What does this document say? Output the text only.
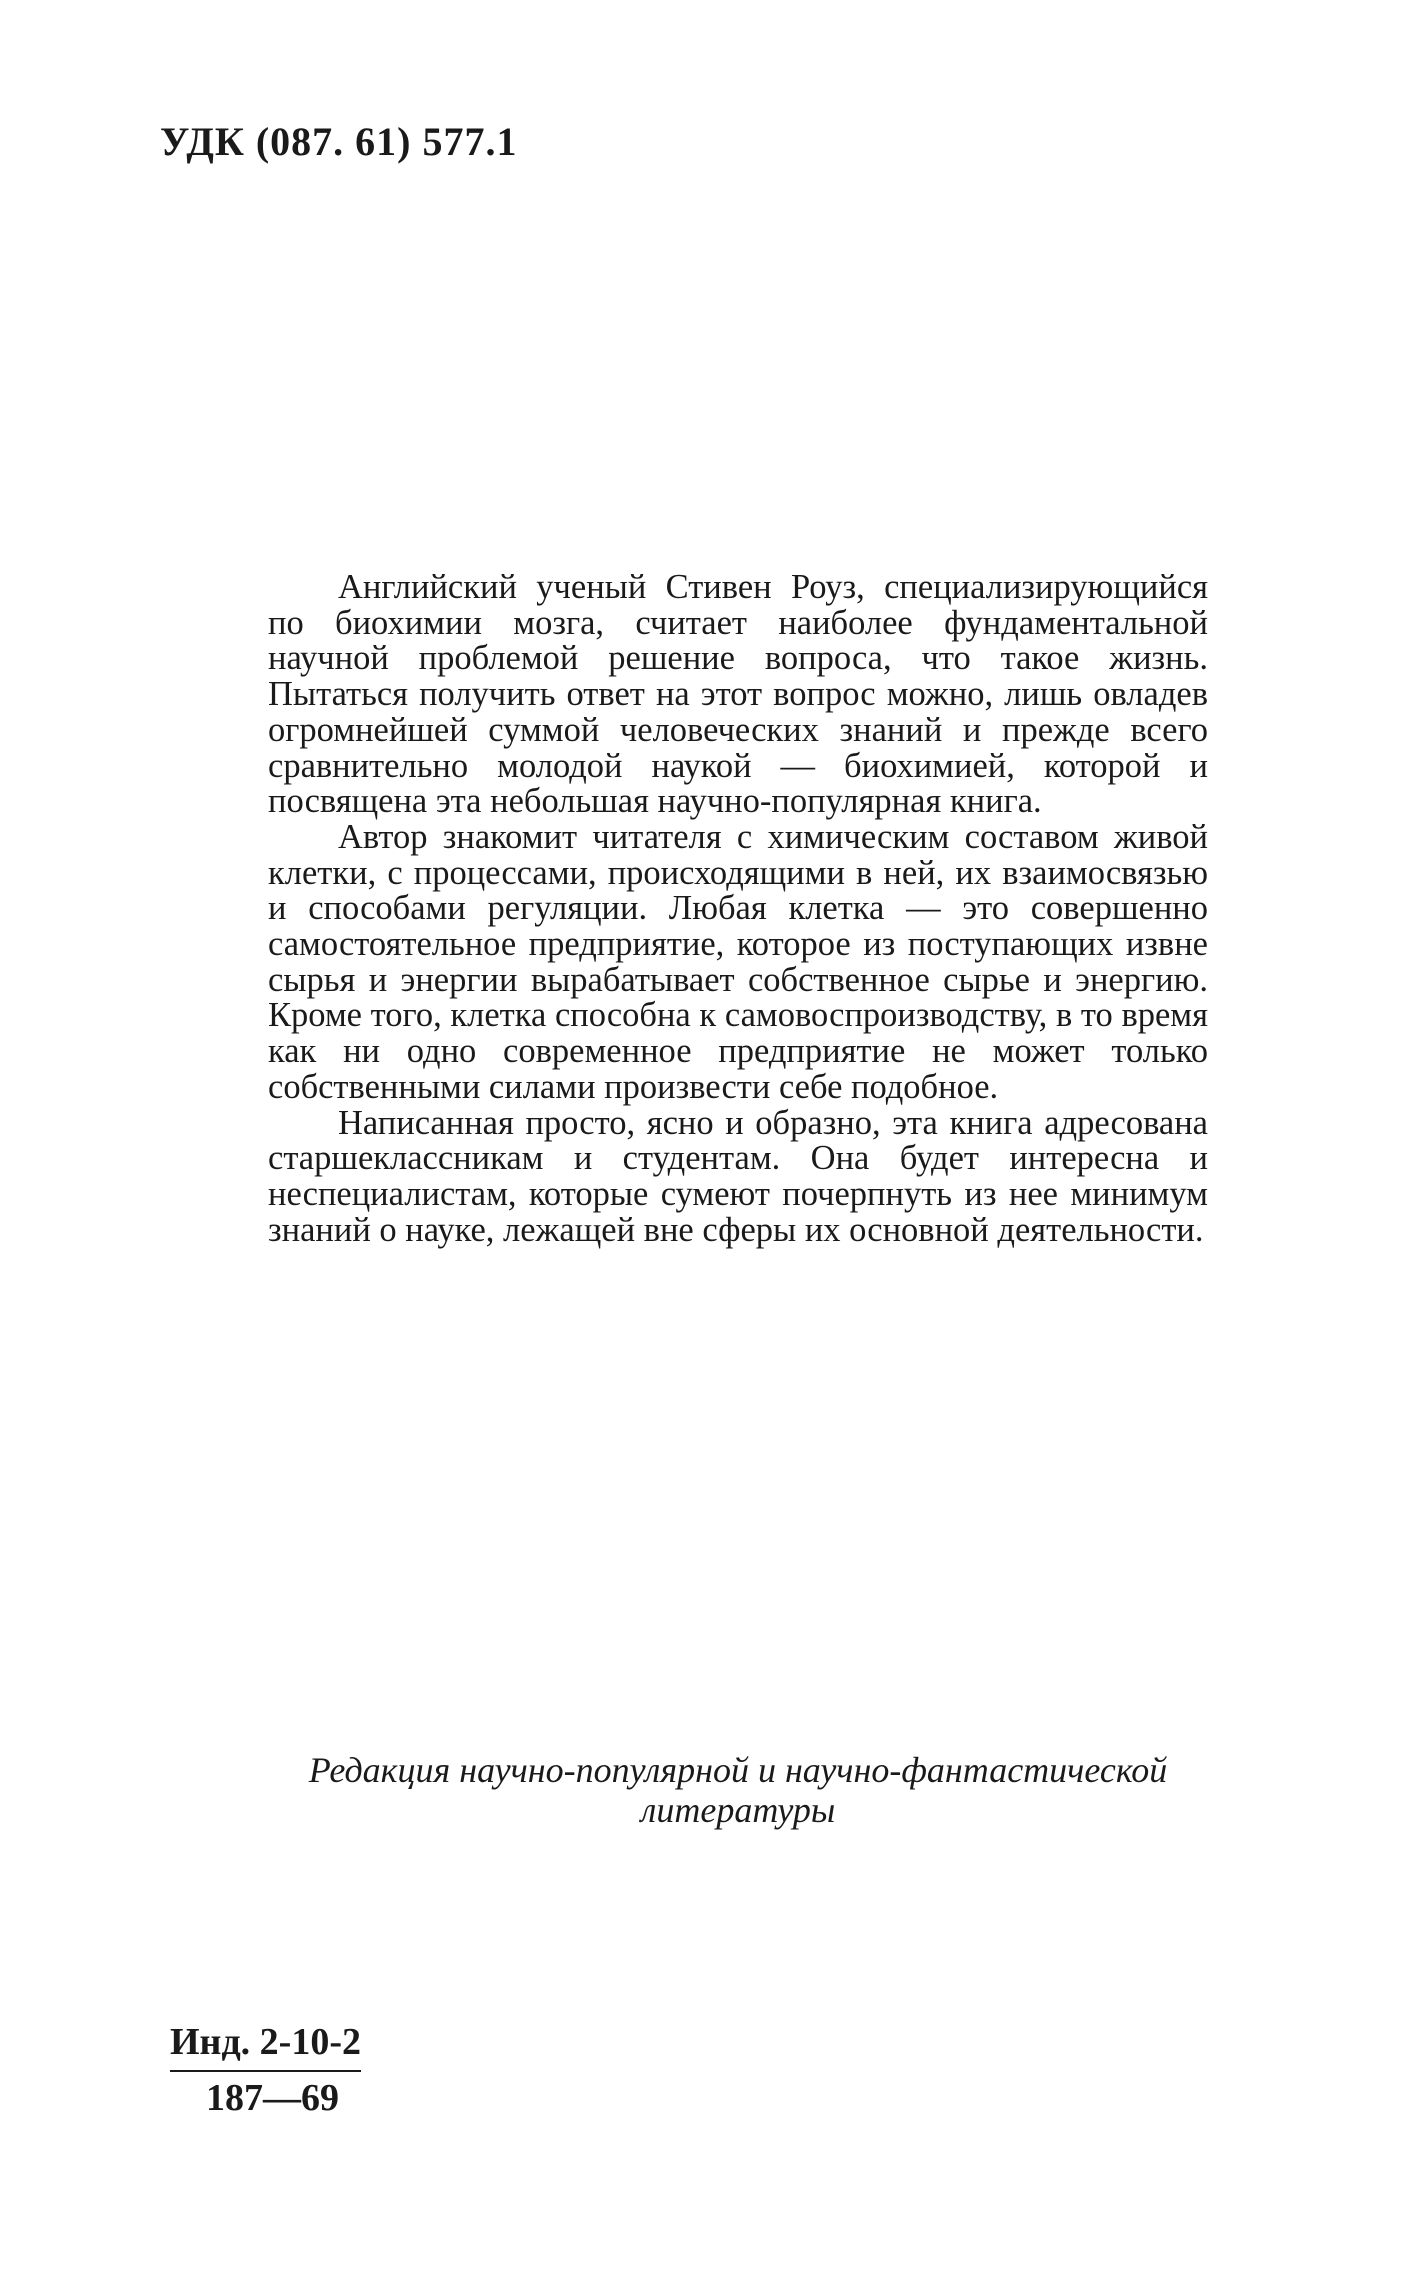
УДК (087. 61) 577.1

Английский ученый Стивен Роуз, специализирующийся по биохимии мозга, считает наиболее фундаментальной научной проблемой решение вопроса, что такое жизнь. Пытаться получить ответ на этот вопрос можно, лишь овладев огромнейшей суммой человеческих знаний и прежде всего сравнительно молодой наукой — биохимией, которой и посвящена эта небольшая научно-популярная книга.

Автор знакомит читателя с химическим составом живой клетки, с процессами, происходящими в ней, их взаимосвязью и способами регуляции. Любая клетка — это совершенно самостоятельное предприятие, которое из поступающих извне сырья и энергии вырабатывает собственное сырье и энергию. Кроме того, клетка способна к самовоспроизводству, в то время как ни одно современное предприятие не может только собственными силами произвести себе подобное.

Написанная просто, ясно и образно, эта книга адресована старшеклассникам и студентам. Она будет интересна и неспециалистам, которые сумеют почерпнуть из нее минимум знаний о науке, лежащей вне сферы их основной деятельности.

Редакция научно-популярной и научно-фантастической
литературы
Инд. 2-10-2
187—69
